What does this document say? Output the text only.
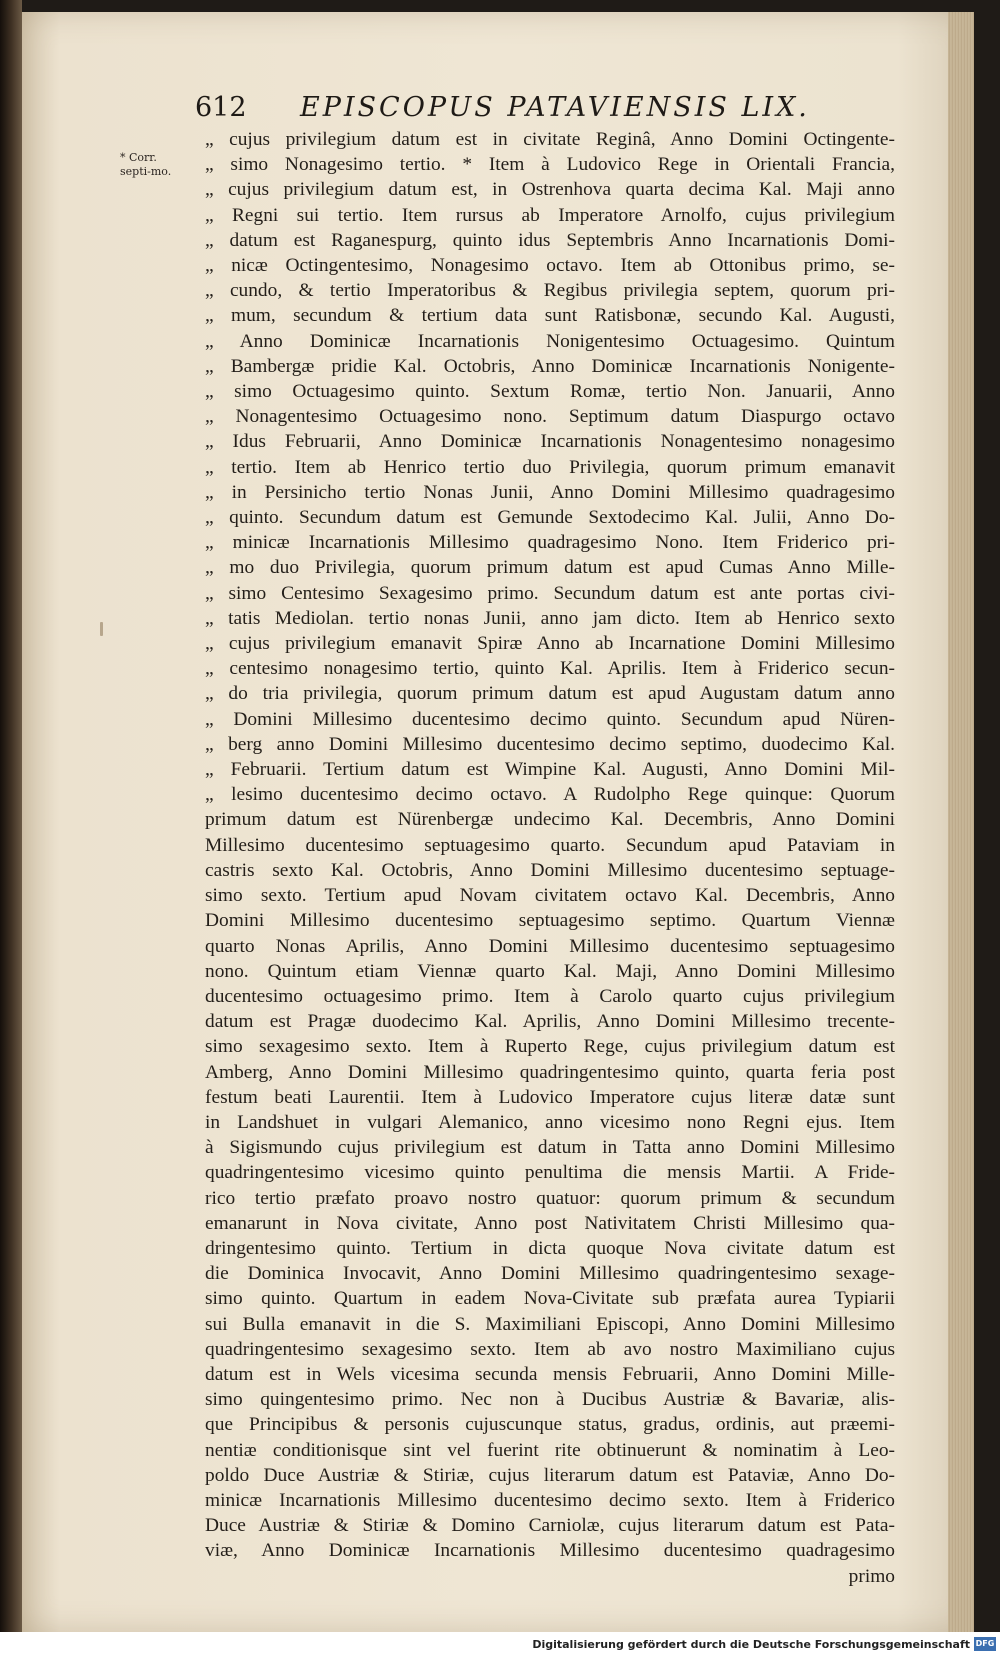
612 EPISCOPUS PATAVIENSIS LIX.
* Corr. septi-mo.
„ cujus privilegium datum est in civitate Reginâ, Anno Domini Octingente-
„ simo Nonagesimo tertio. * Item à Ludovico Rege in Orientali Francia,
„ cujus privilegium datum est, in Ostrenhova quarta decima Kal. Maji anno
„ Regni sui tertio. Item rursus ab Imperatore Arnolfo, cujus privilegium
„ datum est Raganespurg, quinto idus Septembris Anno Incarnationis Domi-
„ nicæ Octingentesimo, Nonagesimo octavo. Item ab Ottonibus primo, se-
„ cundo, & tertio Imperatoribus & Regibus privilegia septem, quorum pri-
„ mum, secundum & tertium data sunt Ratisbonæ, secundo Kal. Augusti,
„ Anno Dominicæ Incarnationis Nonigentesimo Octuagesimo. Quintum
„ Bambergæ pridie Kal. Octobris, Anno Dominicæ Incarnationis Nonigente-
„ simo Octuagesimo quinto. Sextum Romæ, tertio Non. Januarii, Anno
„ Nonagentesimo Octuagesimo nono. Septimum datum Diaspurgo octavo
„ Idus Februarii, Anno Dominicæ Incarnationis Nonagentesimo nonagesimo
„ tertio. Item ab Henrico tertio duo Privilegia, quorum primum emanavit
„ in Persinicho tertio Nonas Junii, Anno Domini Millesimo quadragesimo
„ quinto. Secundum datum est Gemunde Sextodecimo Kal. Julii, Anno Do-
„ minicæ Incarnationis Millesimo quadragesimo Nono. Item Friderico pri-
„ mo duo Privilegia, quorum primum datum est apud Cumas Anno Mille-
„ simo Centesimo Sexagesimo primo. Secundum datum est ante portas civi-
„ tatis Mediolan. tertio nonas Junii, anno jam dicto. Item ab Henrico sexto
„ cujus privilegium emanavit Spiræ Anno ab Incarnatione Domini Millesimo
„ centesimo nonagesimo tertio, quinto Kal. Aprilis. Item à Friderico secun-
„ do tria privilegia, quorum primum datum est apud Augustam datum anno
„ Domini Millesimo ducentesimo decimo quinto. Secundum apud Nüren-
„ berg anno Domini Millesimo ducentesimo decimo septimo, duodecimo Kal.
„ Februarii. Tertium datum est Wimpine Kal. Augusti, Anno Domini Mil-
„ lesimo ducentesimo decimo octavo. A Rudolpho Rege quinque: Quorum
primum datum est Nürenbergæ undecimo Kal. Decembris, Anno Domini
Millesimo ducentesimo septuagesimo quarto. Secundum apud Pataviam in
castris sexto Kal. Octobris, Anno Domini Millesimo ducentesimo septuage-
simo sexto. Tertium apud Novam civitatem octavo Kal. Decembris, Anno
Domini Millesimo ducentesimo septuagesimo septimo. Quartum Viennæ
quarto Nonas Aprilis, Anno Domini Millesimo ducentesimo septuagesimo
nono. Quintum etiam Viennæ quarto Kal. Maji, Anno Domini Millesimo
ducentesimo octuagesimo primo. Item à Carolo quarto cujus privilegium
datum est Pragæ duodecimo Kal. Aprilis, Anno Domini Millesimo trecente-
simo sexagesimo sexto. Item à Ruperto Rege, cujus privilegium datum est
Amberg, Anno Domini Millesimo quadringentesimo quinto, quarta feria post
festum beati Laurentii. Item à Ludovico Imperatore cujus literæ datæ sunt
in Landshuet in vulgari Alemanico, anno vicesimo nono Regni ejus. Item
à Sigismundo cujus privilegium est datum in Tatta anno Domini Millesimo
quadringentesimo vicesimo quinto penultima die mensis Martii. A Fride-
rico tertio præfato proavo nostro quatuor: quorum primum & secundum
emanarunt in Nova civitate, Anno post Nativitatem Christi Millesimo qua-
dringentesimo quinto. Tertium in dicta quoque Nova civitate datum est
die Dominica Invocavit, Anno Domini Millesimo quadringentesimo sexage-
simo quinto. Quartum in eadem Nova-Civitate sub præfata aurea Typiarii
sui Bulla emanavit in die S. Maximiliani Episcopi, Anno Domini Millesimo
quadringentesimo sexagesimo sexto. Item ab avo nostro Maximiliano cujus
datum est in Wels vicesima secunda mensis Februarii, Anno Domini Mille-
simo quingentesimo primo. Nec non à Ducibus Austriæ & Bavariæ, alis-
que Principibus & personis cujuscunque status, gradus, ordinis, aut præemi-
nentiæ conditionisque sint vel fuerint rite obtinuerunt & nominatim à Leo-
poldo Duce Austriæ & Stiriæ, cujus literarum datum est Pataviæ, Anno Do-
minicæ Incarnationis Millesimo ducentesimo decimo sexto. Item à Friderico
Duce Austriæ & Stiriæ & Domino Carniolæ, cujus literarum datum est Pata-
viæ, Anno Dominicæ Incarnationis Millesimo ducentesimo quadragesimo
primo
Digitalisierung gefördert durch die Deutsche Forschungsgemeinschaft DFG
